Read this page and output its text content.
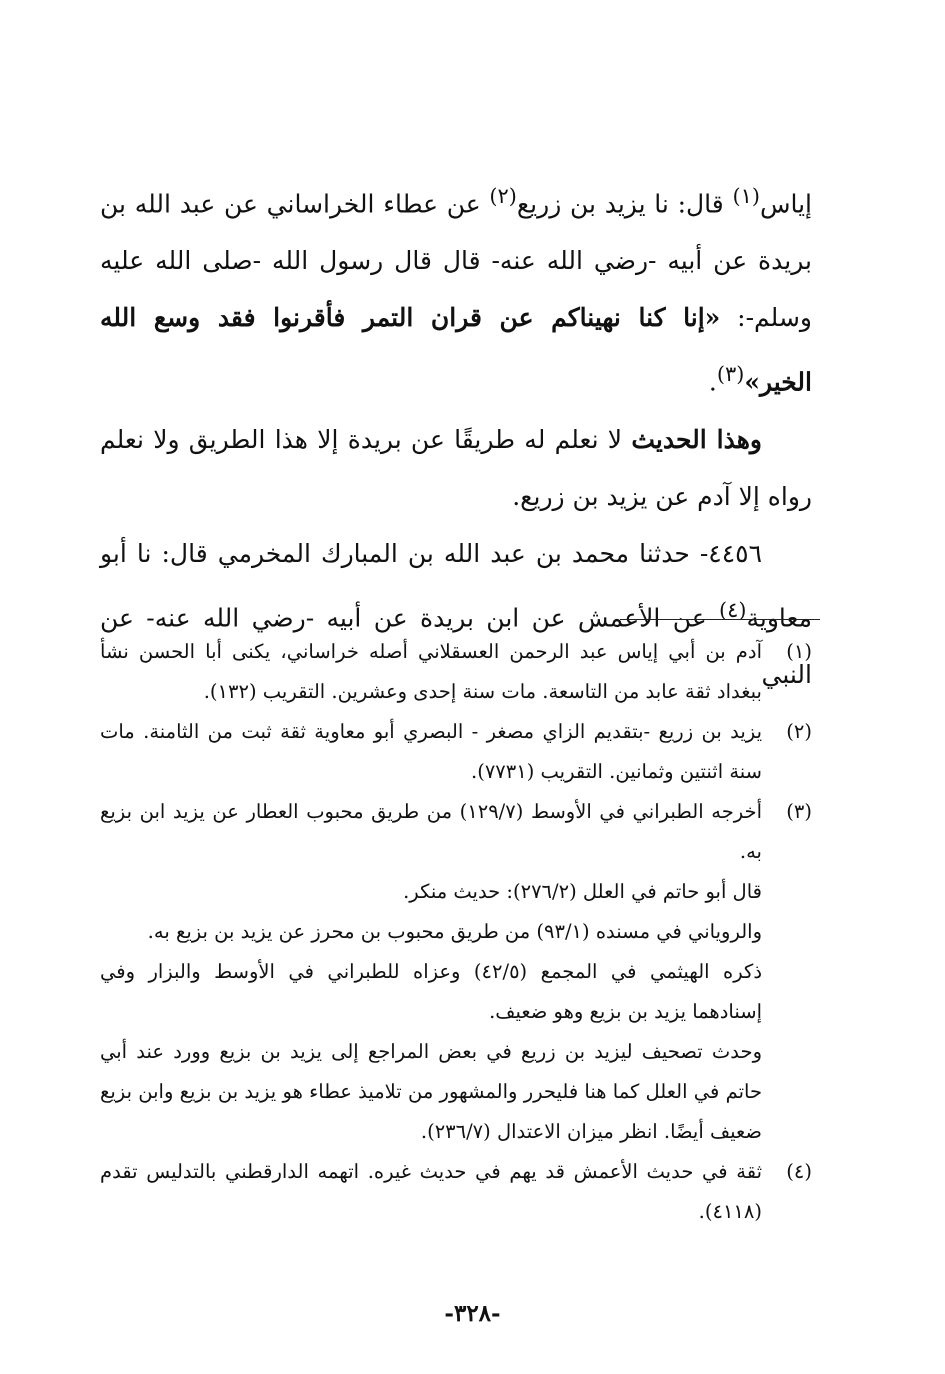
إياس$^{(١)}$ قال: نا يزيد بن زريع$^{(٢)}$ عن عطاء الخراساني عن عبد الله بن بريدة عن أبيه -رضي الله عنه- قال قال رسول الله -صلى الله عليه وسلم-: «إنا كنا نهيناكم عن قران التمر فأقرنوا فقد وسع الله الخير»$^{(٣)}$.

وهذا الحديث لا نعلم له طريقًا عن بريدة إلا هذا الطريق ولا نعلم رواه إلا آدم عن يزيد بن زريع.

٤٤٥٦- حدثنا محمد بن عبد الله بن المبارك المخرمي قال: نا أبو معاوية$^{(٤)}$ عن الأعمش عن ابن بريدة عن أبيه -رضي الله عنه- عن النبي

(١)
آدم بن أبي إياس عبد الرحمن العسقلاني أصله خراساني، يكنى أبا الحسن نشأ ببغداد ثقة عابد من التاسعة. مات سنة إحدى وعشرين. التقريب (١٣٢).
(٢)
يزيد بن زريع -بتقديم الزاي مصغر - البصري أبو معاوية ثقة ثبت من الثامنة. مات سنة اثنتين وثمانين. التقريب (٧٧٣١).
(٣)
أخرجه الطبراني في الأوسط (١٢٩/٧) من طريق محبوب العطار عن يزيد ابن بزيع به.
قال أبو حاتم في العلل (٢٧٦/٢): حديث منكر.
والروياني في مسنده (٩٣/١) من طريق محبوب بن محرز عن يزيد بن بزيع به.
ذكره الهيثمي في المجمع (٤٢/٥) وعزاه للطبراني في الأوسط والبزار وفي إسنادهما يزيد بن بزيع وهو ضعيف.
وحدث تصحيف ليزيد بن زريع في بعض المراجع إلى يزيد بن بزيع وورد عند أبي حاتم في العلل كما هنا فليحرر والمشهور من تلاميذ عطاء هو يزيد بن بزيع وابن بزيع ضعيف أيضًا. انظر ميزان الاعتدال (٢٣٦/٧).
(٤)
ثقة في حديث الأعمش قد يهم في حديث غيره. اتهمه الدارقطني بالتدليس تقدم (٤١١٨).
-٣٢٨-
